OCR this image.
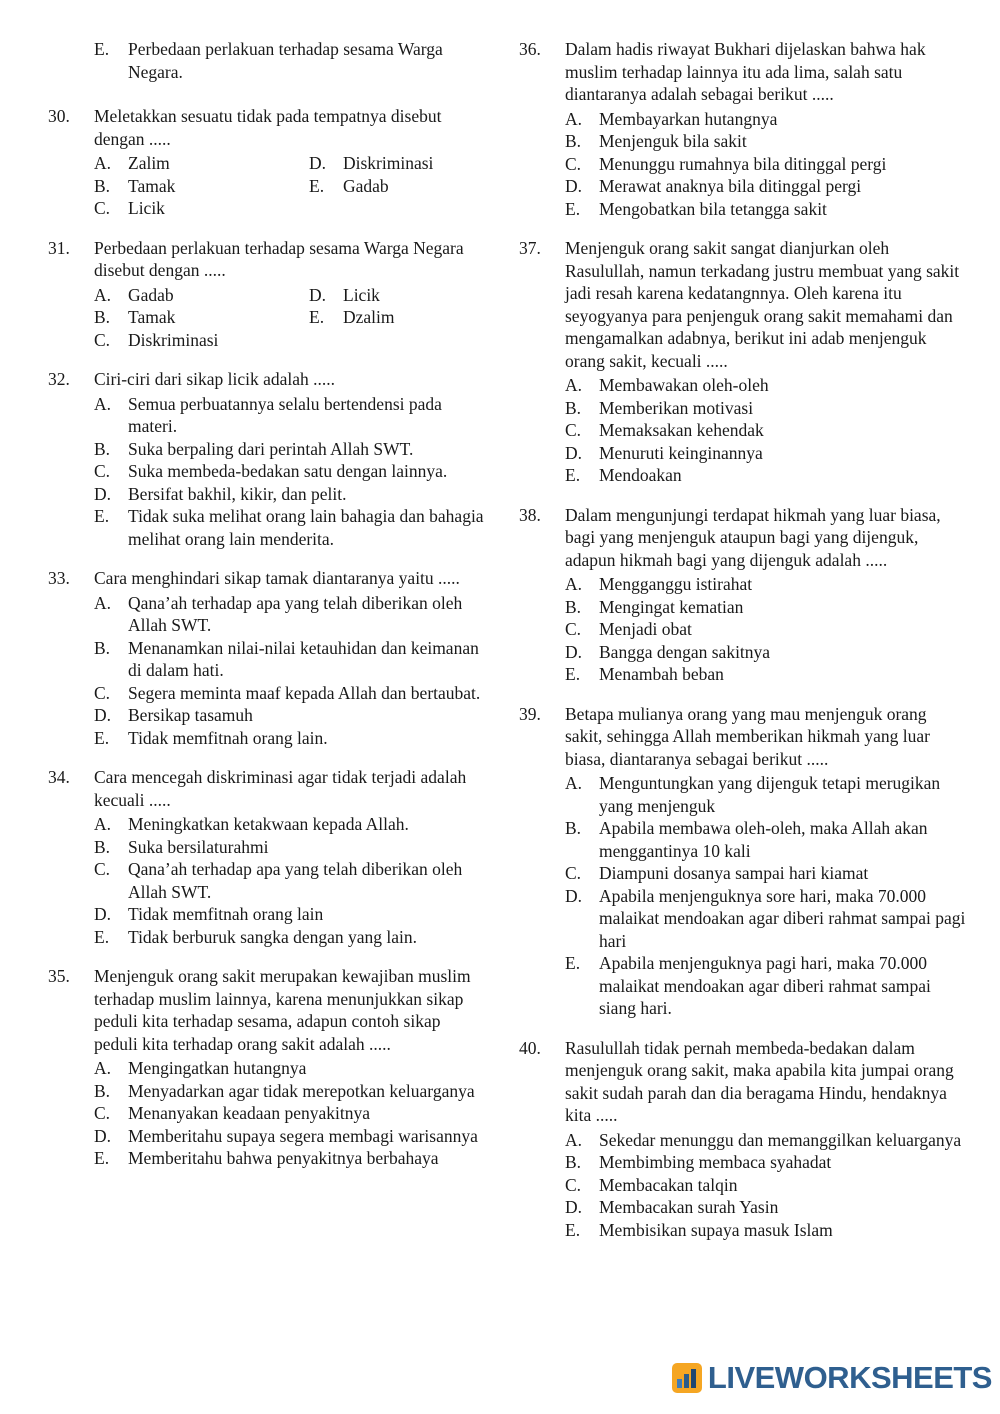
E.	Perbedaan perlakuan terhadap sesama Warga Negara.
30.	Meletakkan sesuatu tidak pada tempatnya disebut dengan .....

A. Zalim	D. Diskriminasi
B.	Tamak	E.	Gadab
C.	Licik
31.	Perbedaan perlakuan terhadap sesama Warga Negara disebut dengan .....

A. Gadab	D. Licik
B.	Tamak	E.	Dzalim
C.	Diskriminasi
32.	Ciri-ciri dari sikap licik adalah .....

A. Semua perbuatannya selalu bertendensi pada materi.
B.	Suka berpaling dari perintah Allah SWT.
C.	Suka membeda-bedakan satu dengan lainnya.
D. Bersifat bakhil, kikir, dan pelit.
E.	Tidak suka melihat orang lain bahagia dan bahagia melihat orang lain menderita.
33.	Cara menghindari sikap tamak diantaranya yaitu .....

A. Qana’ah terhadap apa yang telah diberikan oleh Allah SWT.
B.	Menanamkan nilai-nilai ketauhidan dan keimanan di dalam hati.
C.	Segera meminta maaf kepada Allah dan bertaubat.
D. Bersikap tasamuh
E.	Tidak memfitnah orang lain.
34.	Cara mencegah diskriminasi agar tidak terjadi adalah kecuali .....

A. Meningkatkan ketakwaan kepada Allah.
B.	Suka bersilaturahmi
C.	Qana’ah terhadap apa yang telah diberikan oleh Allah SWT.
D. Tidak memfitnah orang lain
E.	Tidak berburuk sangka dengan yang lain.
35.	Menjenguk orang sakit merupakan kewajiban muslim terhadap muslim lainnya, karena menunjukkan sikap peduli kita terhadap sesama, adapun contoh sikap peduli kita terhadap orang sakit adalah .....

A. Mengingatkan hutangnya
B.	Menyadarkan agar tidak merepotkan keluarganya
C.	Menanyakan keadaan penyakitnya
D. Memberitahu supaya segera membagi warisannya
E.	Memberitahu bahwa penyakitnya berbahaya
36.	Dalam hadis riwayat Bukhari dijelaskan bahwa hak muslim terhadap lainnya itu ada lima, salah satu diantaranya adalah sebagai berikut .....

A. Membayarkan hutangnya
B.	Menjenguk bila sakit
C.	Menunggu rumahnya bila ditinggal pergi
D. Merawat anaknya bila ditinggal pergi
E.	Mengobatkan bila tetangga sakit
37.	Menjenguk orang sakit sangat dianjurkan oleh Rasulullah, namun terkadang justru membuat yang sakit jadi resah karena kedatangnnya. Oleh karena itu seyogyanya para penjenguk orang sakit memahami dan mengamalkan adabnya, berikut ini adab menjenguk orang sakit, kecuali .....

A. Membawakan oleh-oleh
B.	Memberikan motivasi
C.	Memaksakan kehendak
D. Menuruti keinginannya
E.	Mendoakan
38.	Dalam mengunjungi terdapat hikmah yang luar biasa, bagi yang menjenguk ataupun bagi yang dijenguk, adapun hikmah bagi yang dijenguk adalah .....

A. Mengganggu istirahat
B.	Mengingat kematian
C.	Menjadi obat
D. Bangga dengan sakitnya
E.	Menambah beban
39.	Betapa mulianya orang yang mau menjenguk orang sakit, sehingga Allah memberikan hikmah yang luar biasa, diantaranya sebagai berikut .....

A. Menguntungkan yang dijenguk tetapi merugikan yang menjenguk
B.	Apabila membawa oleh-oleh, maka Allah akan menggantinya 10 kali
C.	Diampuni dosanya sampai hari kiamat
D. Apabila menjenguknya sore hari, maka 70.000 malaikat mendoakan agar diberi rahmat sampai pagi hari
E.	Apabila menjenguknya pagi hari, maka 70.000 malaikat mendoakan agar diberi rahmat sampai siang hari.
40.	Rasulullah tidak pernah membeda-bedakan dalam menjenguk orang sakit, maka apabila kita jumpai orang sakit sudah parah dan dia beragama Hindu, hendaknya kita .....

A. Sekedar menunggu dan memanggilkan keluarganya
B.	Membimbing membaca syahadat
C.	Membacakan talqin
D. Membacakan surah Yasin
E.	Membisikan supaya masuk Islam
LIVEWORKSHEETS
